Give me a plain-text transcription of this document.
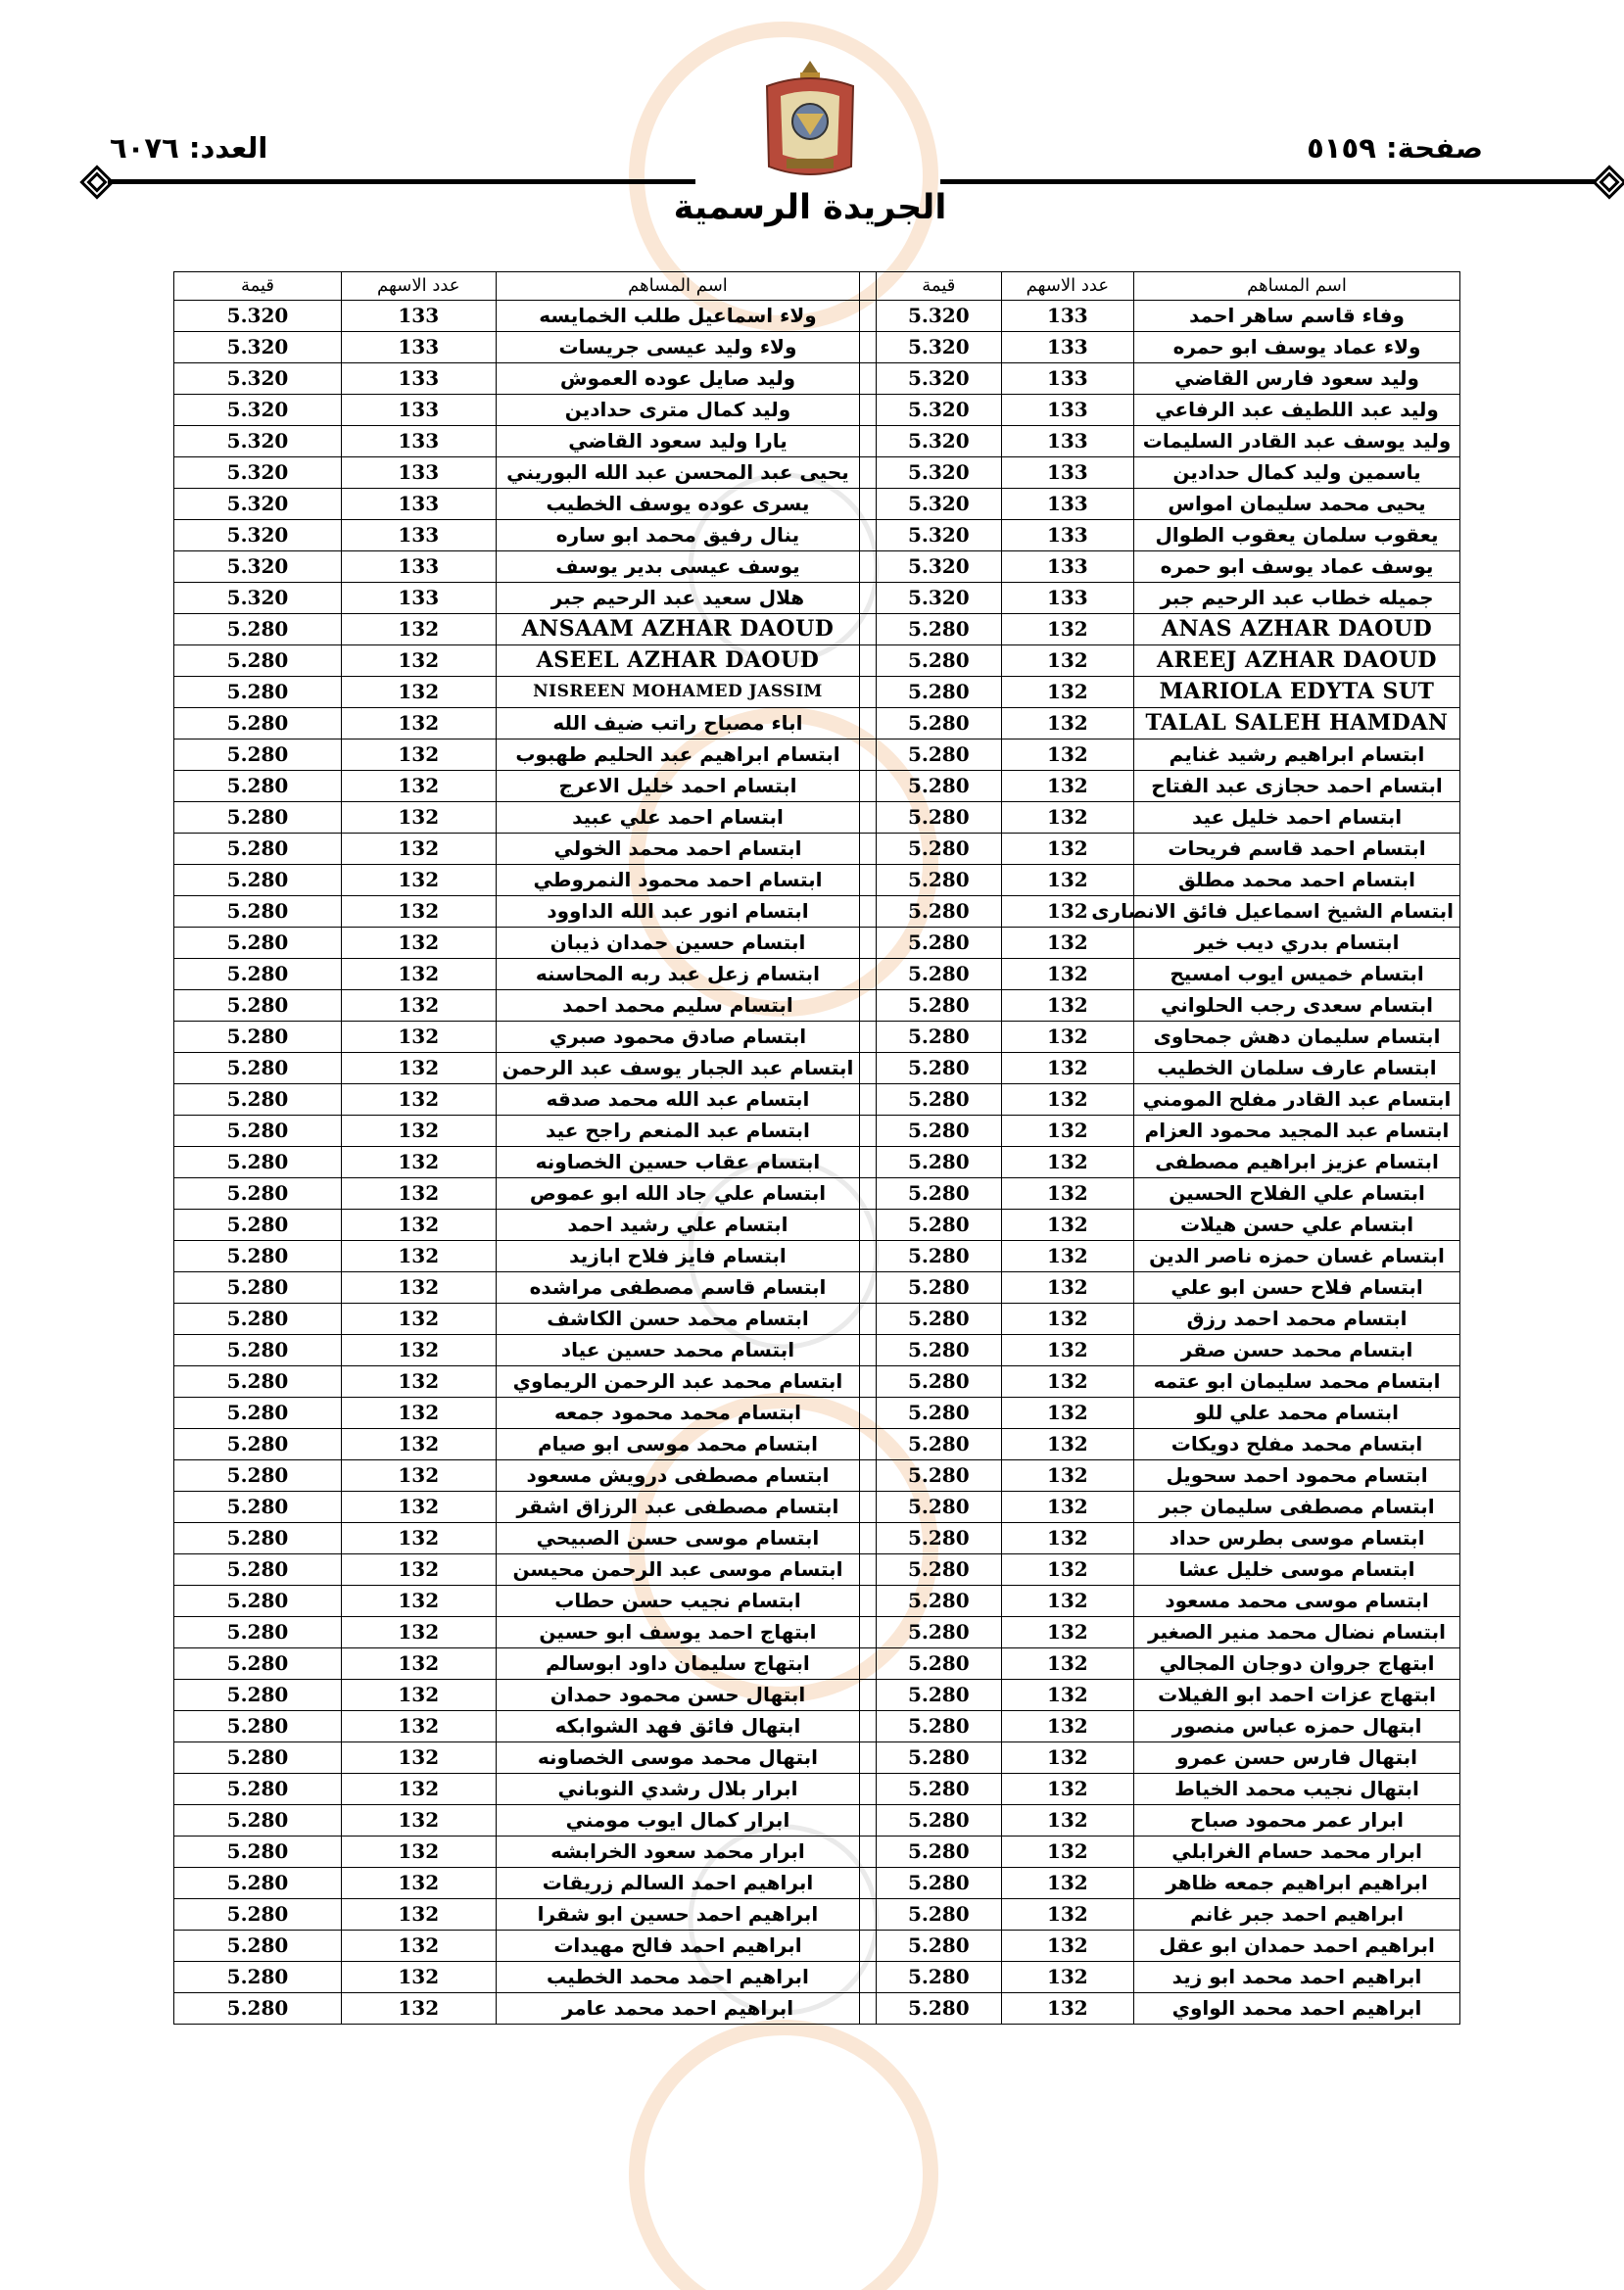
صفحة: ٥١٥٩
العدد: ٦٠٧٦
الجريدة الرسمية
اسم المساهم	عدد الاسهم	قيمة		اسم المساهم	عدد الاسهم	قيمة
وفاء قاسم ساهر احمد	133	5.320		ولاء اسماعيل طلب الخمايسه	133	5.320
ولاء عماد يوسف ابو حمره	133	5.320		ولاء وليد عيسى جريسات	133	5.320
وليد سعود فارس القاضي	133	5.320		وليد صايل عوده العموش	133	5.320
وليد عبد اللطيف عبد الرفاعي	133	5.320		وليد كمال مترى حدادين	133	5.320
وليد يوسف عبد القادر السليمات	133	5.320		يارا وليد سعود القاضي	133	5.320
ياسمين وليد كمال حدادين	133	5.320		يحيى عبد المحسن عبد الله البوريني	133	5.320
يحيى محمد سليمان امواس	133	5.320		يسرى عوده يوسف الخطيب	133	5.320
يعقوب سلمان يعقوب الطوال	133	5.320		ينال رفيق محمد ابو ساره	133	5.320
يوسف عماد يوسف ابو حمره	133	5.320		يوسف عيسى بدير يوسف	133	5.320
جميله خطاب عبد الرحيم جبر	133	5.320		هلال سعيد عبد الرحيم جبر	133	5.320
ANAS AZHAR DAOUD	132	5.280		ANSAAM AZHAR DAOUD	132	5.280
AREEJ AZHAR DAOUD	132	5.280		ASEEL AZHAR DAOUD	132	5.280
MARIOLA EDYTA SUT	132	5.280		NISREEN MOHAMED JASSIM	132	5.280
TALAL SALEH HAMDAN	132	5.280		اباء مصباح راتب ضيف الله	132	5.280
ابتسام ابراهيم رشيد غنايم	132	5.280		ابتسام ابراهيم عبد الحليم طهبوب	132	5.280
ابتسام احمد حجازى عبد الفتاح	132	5.280		ابتسام احمد خليل الاعرج	132	5.280
ابتسام احمد خليل عيد	132	5.280		ابتسام احمد علي عبيد	132	5.280
ابتسام احمد قاسم فريحات	132	5.280		ابتسام احمد محمد الخولي	132	5.280
ابتسام احمد محمد مطلق	132	5.280		ابتسام احمد محمود النمروطي	132	5.280
ابتسام الشيخ اسماعيل فائق الانصارى	132	5.280		ابتسام انور عبد الله الداوود	132	5.280
ابتسام بدري ديب خير	132	5.280		ابتسام حسين حمدان ذيبان	132	5.280
ابتسام خميس ايوب امسيح	132	5.280		ابتسام زعل عبد ربه المحاسنه	132	5.280
ابتسام سعدى رجب الحلواني	132	5.280		ابتسام سليم محمد احمد	132	5.280
ابتسام سليمان دهش جمحاوى	132	5.280		ابتسام صادق محمود صبري	132	5.280
ابتسام عارف سلمان الخطيب	132	5.280		ابتسام عبد الجبار يوسف عبد الرحمن	132	5.280
ابتسام عبد القادر مفلح المومني	132	5.280		ابتسام عبد الله محمد صدقه	132	5.280
ابتسام عبد المجيد محمود العزام	132	5.280		ابتسام عبد المنعم راجح عيد	132	5.280
ابتسام عزيز ابراهيم مصطفى	132	5.280		ابتسام عقاب حسين الخصاونه	132	5.280
ابتسام علي الفلاح الحسين	132	5.280		ابتسام علي جاد الله ابو عموص	132	5.280
ابتسام علي حسن هيلات	132	5.280		ابتسام علي رشيد احمد	132	5.280
ابتسام غسان حمزه ناصر الدين	132	5.280		ابتسام فايز فلاح ابازيد	132	5.280
ابتسام فلاح حسن ابو علي	132	5.280		ابتسام قاسم مصطفى مراشده	132	5.280
ابتسام محمد احمد رزق	132	5.280		ابتسام محمد حسن الكاشف	132	5.280
ابتسام محمد حسن صقر	132	5.280		ابتسام محمد حسين عياد	132	5.280
ابتسام محمد سليمان ابو عتمه	132	5.280		ابتسام محمد عبد الرحمن الريماوي	132	5.280
ابتسام محمد علي للو	132	5.280		ابتسام محمد محمود جمعه	132	5.280
ابتسام محمد مفلح دويكات	132	5.280		ابتسام محمد موسى ابو صيام	132	5.280
ابتسام محمود احمد سحويل	132	5.280		ابتسام مصطفى درويش مسعود	132	5.280
ابتسام مصطفى سليمان جبر	132	5.280		ابتسام مصطفى عبد الرزاق اشقر	132	5.280
ابتسام موسى بطرس حداد	132	5.280		ابتسام موسى حسن الصبيحي	132	5.280
ابتسام موسى خليل عشا	132	5.280		ابتسام موسى عبد الرحمن محيسن	132	5.280
ابتسام موسى محمد مسعود	132	5.280		ابتسام نجيب حسن حطاب	132	5.280
ابتسام نضال محمد منير الصغير	132	5.280		ابتهاج احمد يوسف ابو حسين	132	5.280
ابتهاج جروان دوجان المجالي	132	5.280		ابتهاج سليمان داود ابوسالم	132	5.280
ابتهاج عزات احمد ابو الفيلات	132	5.280		ابتهال حسن محمود حمدان	132	5.280
ابتهال حمزه عباس منصور	132	5.280		ابتهال فائق فهد الشوابكه	132	5.280
ابتهال فارس حسن عمرو	132	5.280		ابتهال محمد موسى الخصاونه	132	5.280
ابتهال نجيب محمد الخياط	132	5.280		ابرار بلال رشدي النوباني	132	5.280
ابرار عمر محمود صباح	132	5.280		ابرار كمال ايوب مومني	132	5.280
ابرار محمد حسام الغرابلي	132	5.280		ابرار محمد سعود الخرابشه	132	5.280
ابراهيم ابراهيم جمعه ظاهر	132	5.280		ابراهيم احمد السالم زريقات	132	5.280
ابراهيم احمد جبر غانم	132	5.280		ابراهيم احمد حسين ابو شقرا	132	5.280
ابراهيم احمد حمدان ابو عقل	132	5.280		ابراهيم احمد فالح مهيدات	132	5.280
ابراهيم احمد محمد ابو زيد	132	5.280		ابراهيم احمد محمد الخطيب	132	5.280
ابراهيم احمد محمد الواوي	132	5.280		ابراهيم احمد محمد عامر	132	5.280
